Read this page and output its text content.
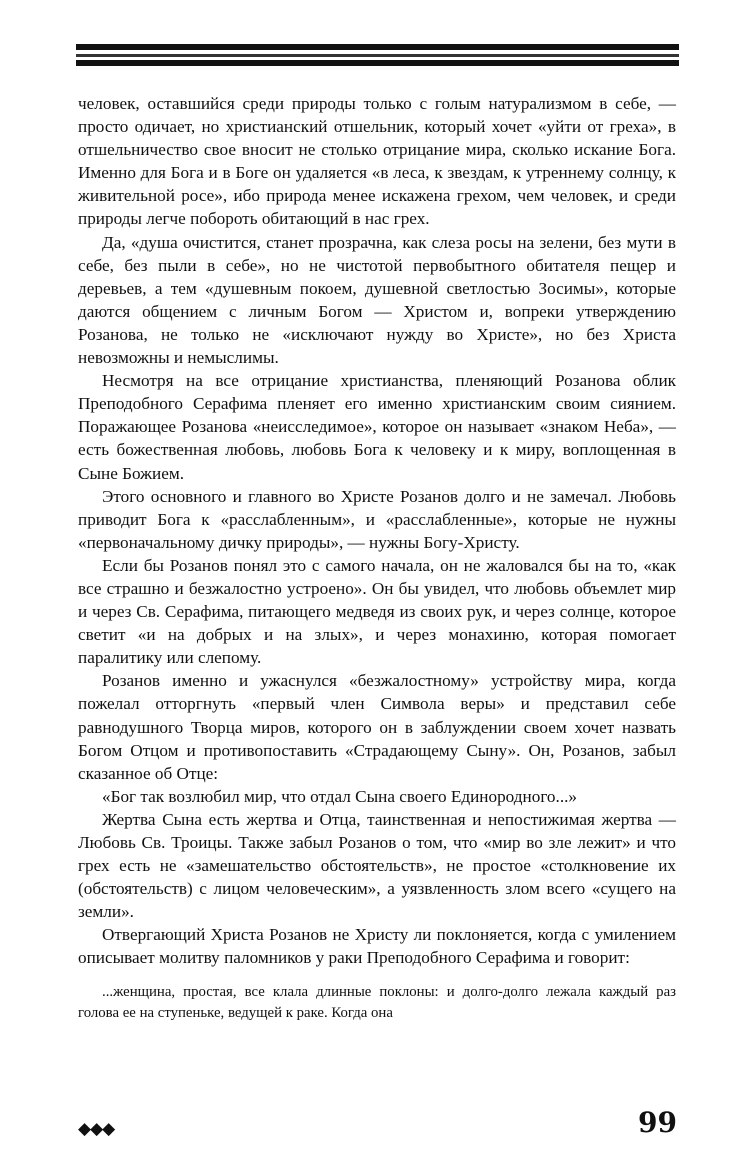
человек, оставшийся среди природы только с голым натурализмом в себе, — просто одичает, но христианский отшельник, который хочет «уйти от греха», в отшельничество свое вносит не столько отрицание мира, сколько искание Бога. Именно для Бога и в Боге он удаляется «в леса, к звездам, к утреннему солнцу, к живительной росе», ибо природа менее искажена грехом, чем человек, и среди природы легче побороть обитающий в нас грех.

Да, «душа очистится, станет прозрачна, как слеза росы на зелени, без мути в себе, без пыли в себе», но не чистотой первобытного обитателя пещер и деревьев, а тем «душевным покоем, душевной светлостью Зосимы», которые даются общением с личным Богом — Христом и, вопреки утверждению Розанова, не только не «исключают нужду во Христе», но без Христа невозможны и немыслимы.

Несмотря на все отрицание христианства, пленяющий Розанова облик Преподобного Серафима пленяет его именно христианским своим сиянием. Поражающее Розанова «неисследимое», которое он называет «знаком Неба», — есть божественная любовь, любовь Бога к человеку и к миру, воплощенная в Сыне Божием.

Этого основного и главного во Христе Розанов долго и не замечал. Любовь приводит Бога к «расслабленным», и «расслабленные», которые не нужны «первоначальному дичку природы», — нужны Богу-Христу.

Если бы Розанов понял это с самого начала, он не жаловался бы на то, «как все страшно и безжалостно устроено». Он бы увидел, что любовь объемлет мир и через Св. Серафима, питающего медведя из своих рук, и через солнце, которое светит «и на добрых и на злых», и через монахиню, которая помогает паралитику или слепому.

Розанов именно и ужаснулся «безжалостному» устройству мира, когда пожелал отторгнуть «первый член Символа веры» и представил себе равнодушного Творца миров, которого он в заблуждении своем хочет назвать Богом Отцом и противопоставить «Страдающему Сыну». Он, Розанов, забыл сказанное об Отце:

«Бог так возлюбил мир, что отдал Сына своего Единородного...»

Жертва Сына есть жертва и Отца, таинственная и непостижимая жертва — Любовь Св. Троицы. Также забыл Розанов о том, что «мир во зле лежит» и что грех есть не «замешательство обстоятельств», не простое «столкновение их (обстоятельств) с лицом человеческим», а уязвленность злом всего «сущего на земли».

Отвергающий Христа Розанов не Христу ли поклоняется, когда с умилением описывает молитву паломников у раки Преподобного Серафима и говорит:

...женщина, простая, все клала длинные поклоны: и долго-долго лежала каждый раз голова ее на ступеньке, ведущей к раке. Когда она

◆◆◆	99
